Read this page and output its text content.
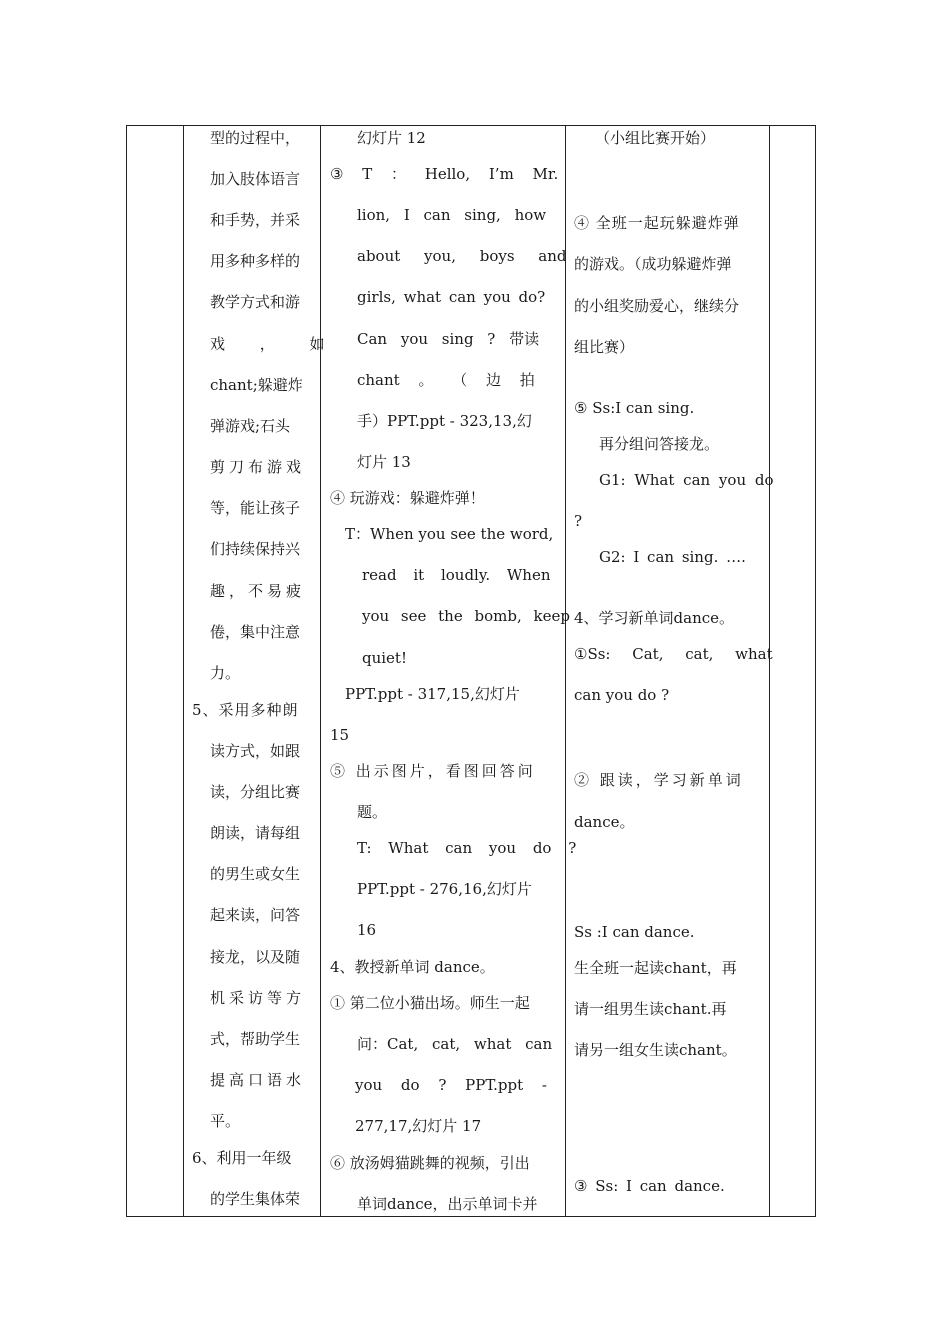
型的过程中，
加入肢体语言
和手势，并采
用多种多样的
教学方式和游
戏 ， 如
chant;躲避炸
弹游戏;石头
剪刀布游戏
等，能让孩子
们持续保持兴
趣，不易疲
倦，集中注意
力。
5、采用多种朗
读方式，如跟
读，分组比赛
朗读，请每组
的男生或女生
起来读，问答
接龙，以及随
机采访等方
式，帮助学生
提高口语水
平。
6、利用一年级
的学生集体荣
幻灯片 12
③ T ： Hello, I’m Mr.
lion, I can sing, how
about you, boys and
girls, what can you do?
Can you sing ? 带读
chant 。 （ 边 拍
手）PPT.ppt - 323,13,幻
灯片 13
④ 玩游戏：躲避炸弹！
T：When you see the word,
read it loudly. When
you see the bomb, keep
quiet!
PPT.ppt - 317,15,幻灯片
15
⑤ 出示图片，看图回答问
题。
T: What can you do ?
PPT.ppt - 276,16,幻灯片
16
4、教授新单词 dance。
① 第二位小猫出场。师生一起
问：Cat, cat, what can
you do ? PPT.ppt -
277,17,幻灯片 17
⑥ 放汤姆猫跳舞的视频，引出
单词dance，出示单词卡并
（小组比赛开始）
④ 全班一起玩躲避炸弹
的游戏。（成功躲避炸弹
的小组奖励爱心，继续分
组比赛）
⑤ Ss:I can sing.
再分组问答接龙。
G1: What can you do
?
G2: I can sing. ….
4、学习新单词dance。
①Ss: Cat, cat, what
can you do ?
② 跟读，学习新单词
dance。
Ss :I can dance.
生全班一起读chant，再
请一组男生读chant.再
请另一组女生读chant。
③ Ss: I can dance.
